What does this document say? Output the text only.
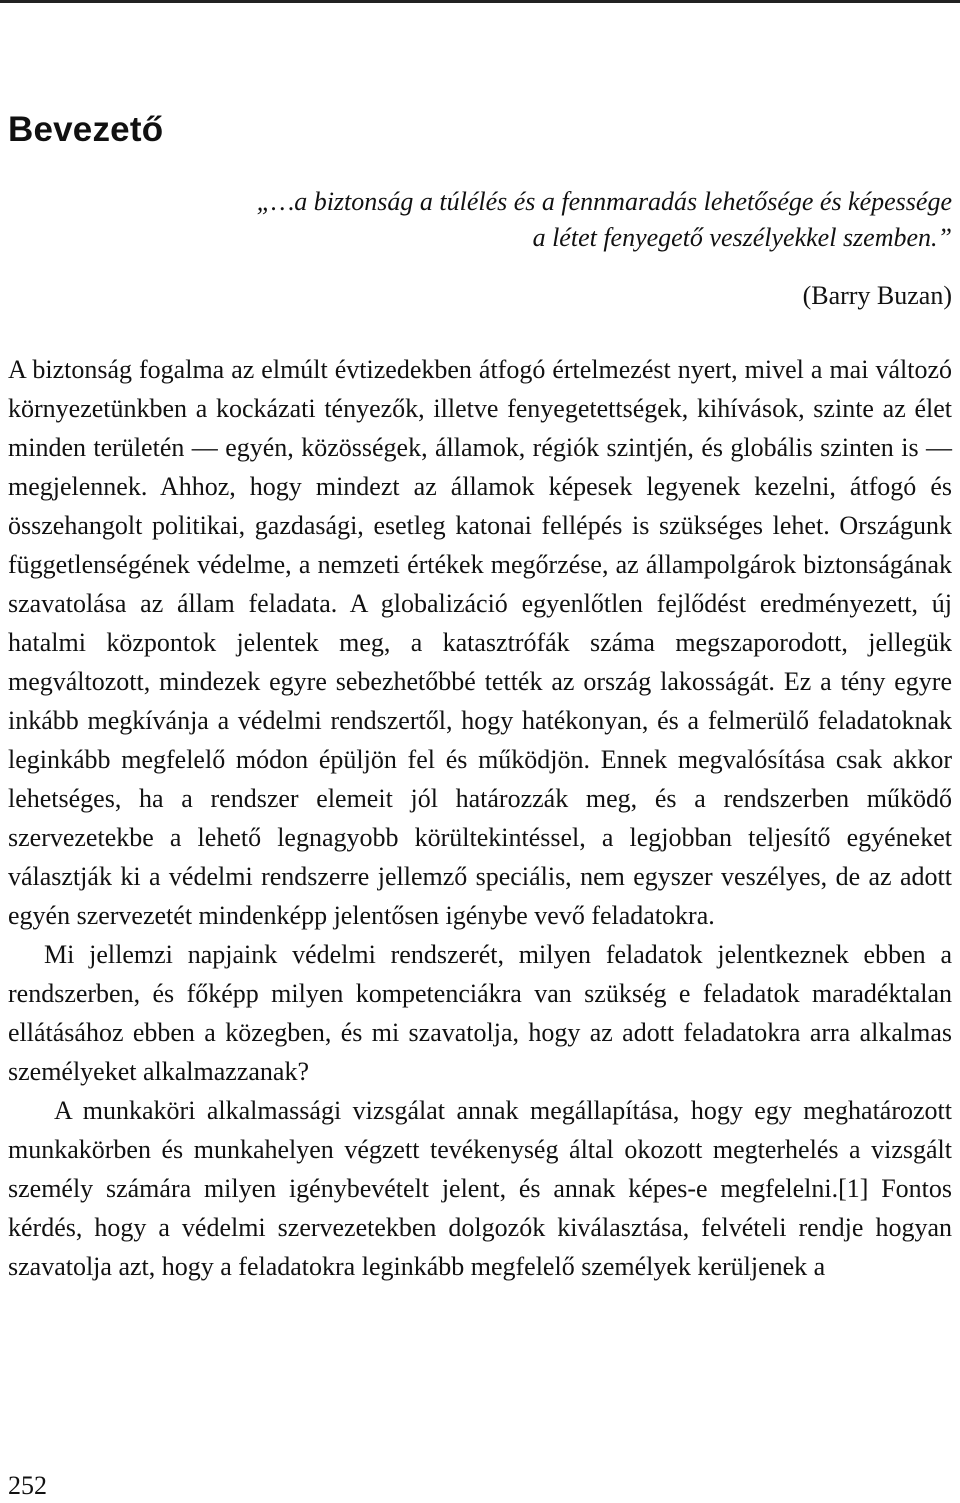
Bevezető
„…a biztonság a túlélés és a fennmaradás lehetősége és képessége
a létet fenyegető veszélyekkel szemben.”
(Barry Buzan)

A biztonság fogalma az elmúlt évtizedekben átfogó értelmezést nyert, mivel a mai változó környezetünkben a kockázati tényezők, illetve fenyegetettségek, kihívások, szinte az élet minden területén ― egyén, közösségek, államok, régiók szintjén, és globális szinten is ― megjelennek. Ahhoz, hogy mindezt az államok képesek legyenek kezelni, átfogó és összehangolt politikai, gazdasági, esetleg katonai fellépés is szükséges lehet. Országunk függetlenségének védelme, a nemzeti értékek megőrzése, az állampolgárok biztonságának szavatolása az állam feladata. A globalizáció egyenlőtlen fejlődést eredményezett, új hatalmi központok jelentek meg, a katasztrófák száma megszaporodott, jellegük megváltozott, mindezek egyre sebezhetőbbé tették az ország lakosságát. Ez a tény egyre inkább megkívánja a védelmi rendszertől, hogy hatékonyan, és a felmerülő feladatoknak leginkább megfelelő módon épüljön fel és működjön. Ennek megvalósítása csak akkor lehetséges, ha a rendszer elemeit jól határozzák meg, és a rendszerben működő szervezetekbe a lehető legnagyobb körültekintéssel, a legjobban teljesítő egyéneket választják ki a védelmi rendszerre jellemző speciális, nem egyszer veszélyes, de az adott egyén szervezetét mindenképp jelentősen igénybe vevő feladatokra.

Mi jellemzi napjaink védelmi rendszerét, milyen feladatok jelentkeznek ebben a rendszerben, és főképp milyen kompetenciákra van szükség e feladatok maradéktalan ellátásához ebben a közegben, és mi szavatolja, hogy az adott feladatokra arra alkalmas személyeket alkalmazzanak?

A munkaköri alkalmassági vizsgálat annak megállapítása, hogy egy meghatározott munkakörben és munkahelyen végzett tevékenység által okozott megterhelés a vizsgált személy számára milyen igénybevételt jelent, és annak képes-e megfelelni.[1] Fontos kérdés, hogy a védelmi szervezetekben dolgozók kiválasztása, felvételi rendje hogyan szavatolja azt, hogy a feladatokra leginkább megfelelő személyek kerüljenek a

252
